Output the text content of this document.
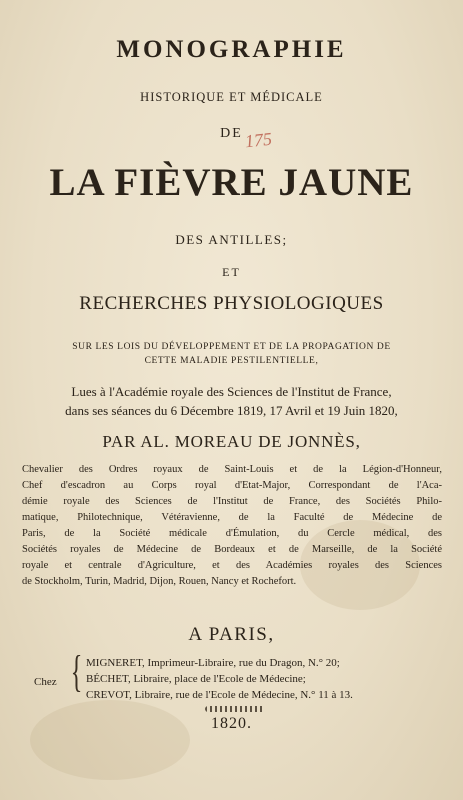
MONOGRAPHIE
HISTORIQUE ET MÉDICALE
DE 175
LA FIÈVRE JAUNE
DES ANTILLES;
ET
RECHERCHES PHYSIOLOGIQUES
SUR LES LOIS DU DÉVELOPPEMENT ET DE LA PROPAGATION DE
CETTE MALADIE PESTILENTIELLE,
Lues à l'Académie royale des Sciences de l'Institut de France,
dans ses séances du 6 Décembre 1819, 17 Avril et 19 Juin 1820,
PAR AL. MOREAU DE JONNÈS,
Chevalier des Ordres royaux de Saint-Louis et de la Légion-d'Honneur,
Chef d'escadron au Corps royal d'Etat-Major, Correspondant de l'Aca-
démie royale des Sciences de l'Institut de France, des Sociétés Philo-
matique, Philotechnique, Vétéravienne, de la Faculté de Médecine de
Paris, de la Société médicale d'Émulation, du Cercle médical, des
Sociétés royales de Médecine de Bordeaux et de Marseille, de la Société
royale et centrale d'Agriculture, et des Académies royales des Sciences
de Stockholm, Turin, Madrid, Dijon, Rouen, Nancy et Rochefort.
A PARIS,
Chez { MIGNERET, Imprimeur-Libraire, rue du Dragon, N.° 20;
BÉCHET, Libraire, place de l'Ecole de Médecine;
CREVOT, Libraire, rue de l'Ecole de Médecine, N.° 11 à 13.
1820.
